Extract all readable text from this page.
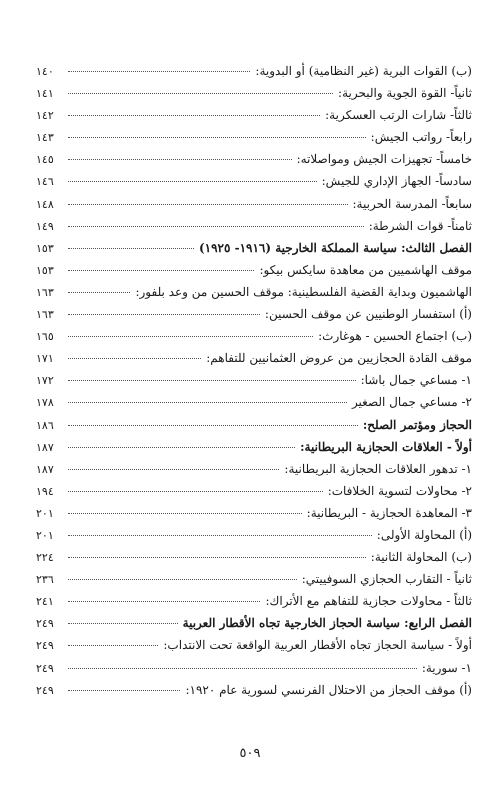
(ب) القوات البرية (غير النظامية) أو البدوية:
١٤٠
ثانياً- القوة الجوية والبحرية:
١٤١
ثالثاً- شارات الرتب العسكرية:
١٤٢
رابعاً- رواتب الجيش:
١٤٣
خامساً- تجهيزات الجيش ومواصلاته:
١٤٥
سادساً- الجهاز الإداري للجيش:
١٤٦
سابعاً- المدرسة الحربية:
١٤٨
ثامناً- قوات الشرطة:
١٤٩
الفصل الثالث: سياسة المملكة الخارجية (١٩١٦- ١٩٢٥)
١٥٣
موقف الهاشميين من معاهدة سايكس بيكو:
١٥٣
الهاشميون وبداية القضية الفلسطينية: موقف الحسين من وعد بلفور:
١٦٣
(أ) استفسار الوطنيين عن موقف الحسين:
١٦٣
(ب) اجتماع الحسين - هوغارث:
١٦٥
موقف القادة الحجازيين من عروض العثمانيين للتفاهم:
١٧١
١- مساعي جمال باشا:
١٧٢
٢- مساعي جمال الصغير
١٧٨
الحجاز ومؤتمر الصلح:
١٨٦
أولاً - العلاقات الحجازية البريطانية:
١٨٧
١- تدهور العلاقات الحجازية البريطانية:
١٨٧
٢- محاولات لتسوية الخلافات:
١٩٤
٣- المعاهدة الحجازية - البريطانية:
٢٠١
(أ) المحاولة الأولى:
٢٠١
(ب) المحاولة الثانية:
٢٢٤
ثانياً - التقارب الحجازي السوفييتي:
٢٣٦
ثالثاً - محاولات حجازية للتفاهم مع الأتراك:
٢٤١
الفصل الرابع: سياسة الحجاز الخارجية تجاه الأقطار العربية
٢٤٩
أولاً - سياسة الحجاز تجاه الأقطار العربية الواقعة تحت الانتداب:
٢٤٩
١- سورية:
٢٤٩
(أ) موقف الحجاز من الاحتلال الفرنسي لسورية عام ١٩٢٠:
٢٤٩
٥٠٩
